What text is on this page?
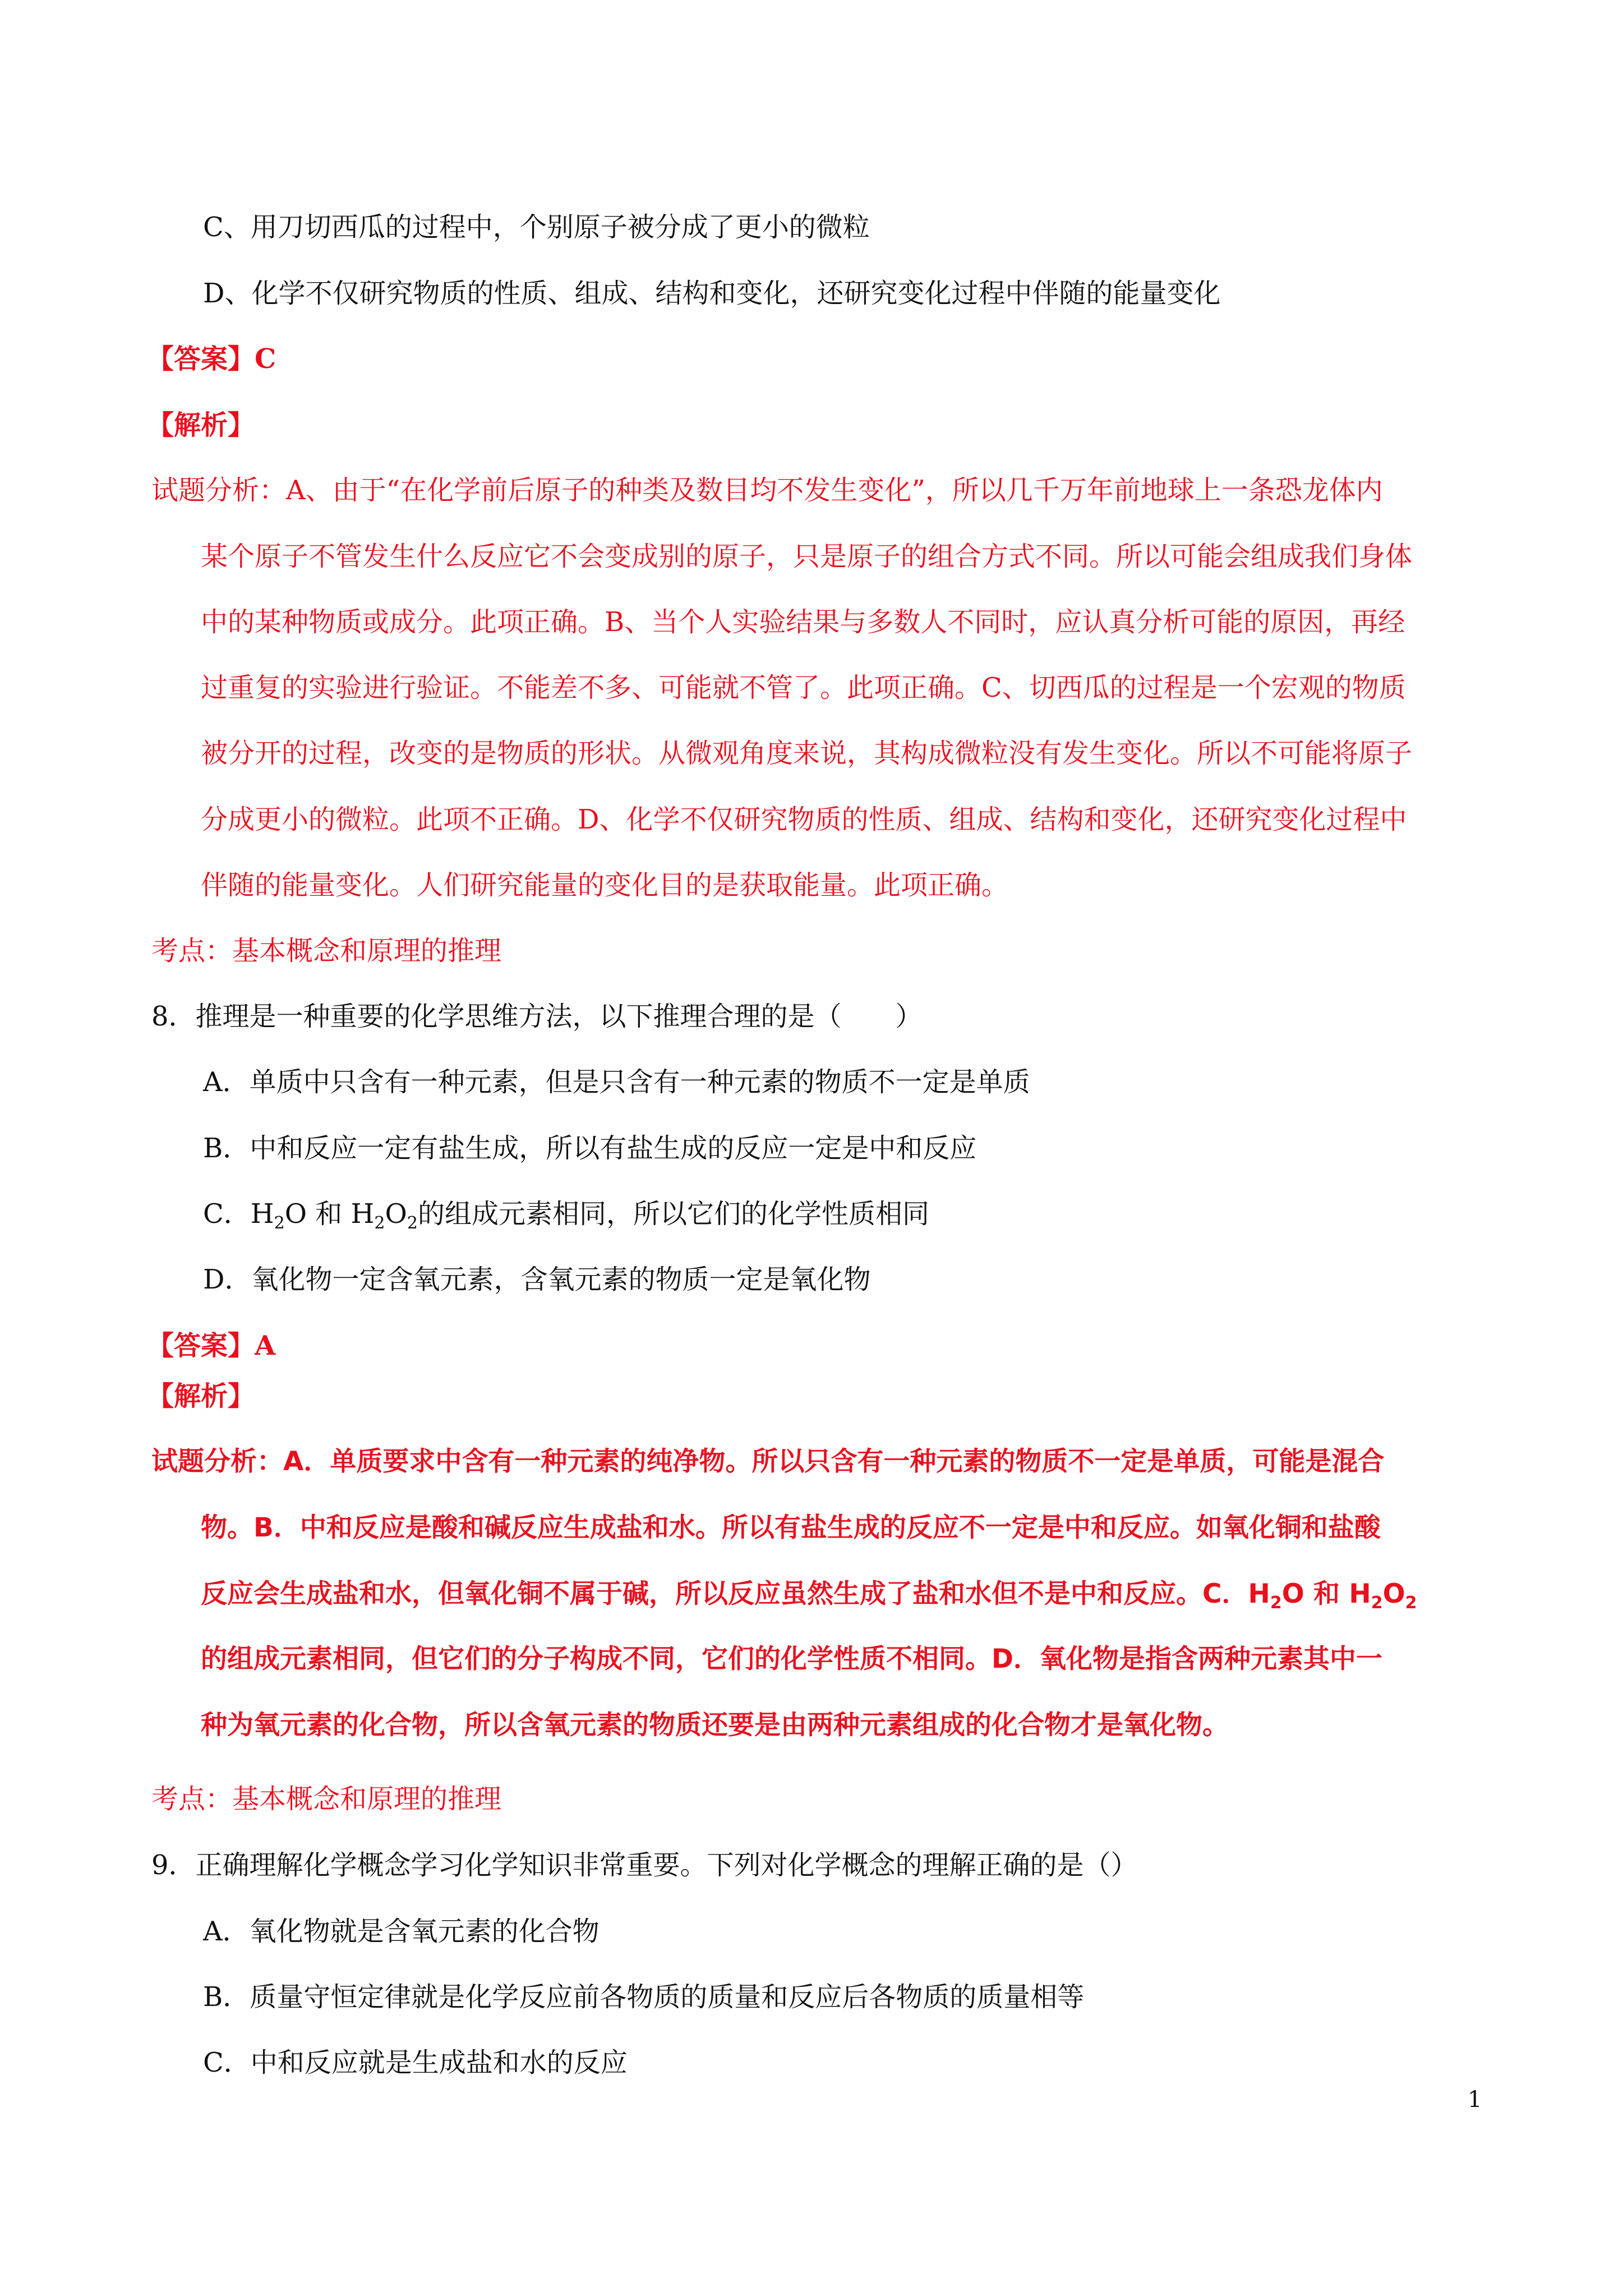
C、用刀切西瓜的过程中，个别原子被分成了更小的微粒

D、化学不仅研究物质的性质、组成、结构和变化，还研究变化过程中伴随的能量变化

【答案】C

【解析】

试题分析：A、由于“在化学前后原子的种类及数目均不发生变化”，所以几千万年前地球上一条恐龙体内

某个原子不管发生什么反应它不会变成别的原子，只是原子的组合方式不同。所以可能会组成我们身体

中的某种物质或成分。此项正确。B、当个人实验结果与多数人不同时，应认真分析可能的原因，再经

过重复的实验进行验证。不能差不多、可能就不管了。此项正确。C、切西瓜的过程是一个宏观的物质

被分开的过程，改变的是物质的形状。从微观角度来说，其构成微粒没有发生变化。所以不可能将原子

分成更小的微粒。此项不正确。D、化学不仅研究物质的性质、组成、结构和变化，还研究变化过程中

伴随的能量变化。人们研究能量的变化目的是获取能量。此项正确。

考点：基本概念和原理的推理

8．推理是一种重要的化学思维方法，以下推理合理的是（　　）

A．单质中只含有一种元素，但是只含有一种元素的物质不一定是单质

B．中和反应一定有盐生成，所以有盐生成的反应一定是中和反应

C．$H_2O$ 和 $H_2O_2$的组成元素相同，所以它们的化学性质相同

D．氧化物一定含氧元素，含氧元素的物质一定是氧化物

【答案】A

【解析】

试题分析：A．单质要求中含有一种元素的纯净物。所以只含有一种元素的物质不一定是单质，可能是混合

物。B．中和反应是酸和碱反应生成盐和水。所以有盐生成的反应不一定是中和反应。如氧化铜和盐酸

反应会生成盐和水，但氧化铜不属于碱，所以反应虽然生成了盐和水但不是中和反应。C．$H_2O$ 和 $H_2O_2$

的组成元素相同，但它们的分子构成不同，它们的化学性质不相同。D．氧化物是指含两种元素其中一

种为氧元素的化合物，所以含氧元素的物质还要是由两种元素组成的化合物才是氧化物。

考点：基本概念和原理的推理

9．正确理解化学概念学习化学知识非常重要。下列对化学概念的理解正确的是（）

A．氧化物就是含氧元素的化合物

B．质量守恒定律就是化学反应前各物质的质量和反应后各物质的质量相等

C．中和反应就是生成盐和水的反应

1
